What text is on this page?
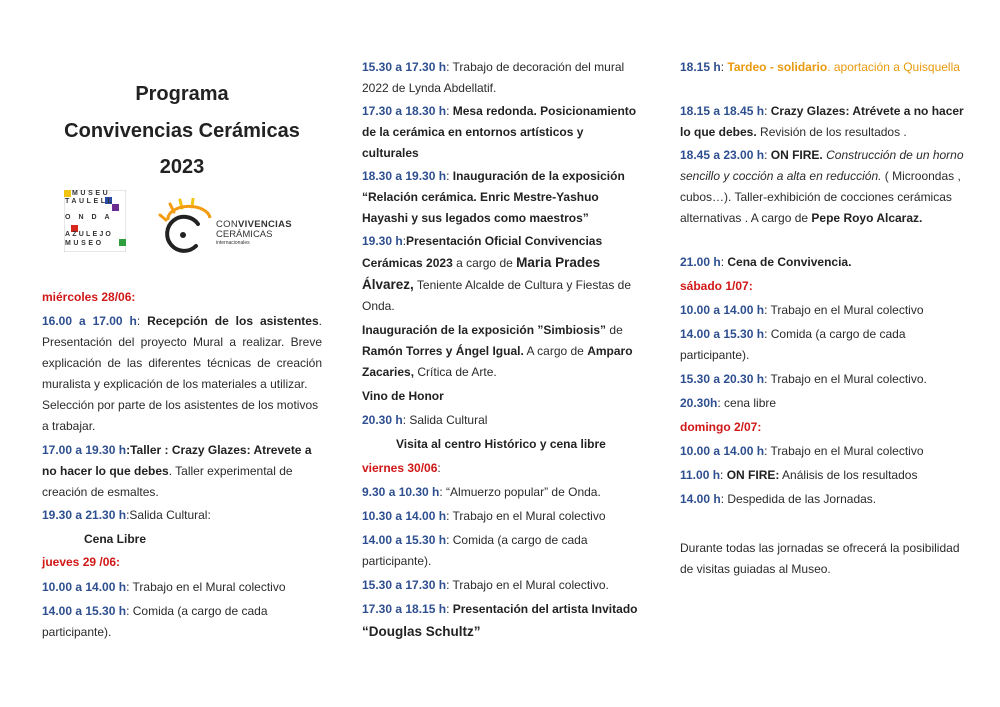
Programa
Convivencias Cerámicas
2023
MUSEU
TAULELL
ONDA
AZULEJO
MUSEO
CONVIVENCIAS
CERÁMICAS
internacionales

miércoles 28/06:

16.00 a 17.00 h: Recepción de los asistentes. Presentación del proyecto Mural a realizar. Breve explicación de las diferentes técnicas de creación muralista y explicación de los materiales a utilizar.

Selección por parte de los asistentes de los motivos a trabajar.

17.00 a 19.30 h:Taller : Crazy Glazes: Atrevete a no hacer lo que debes. Taller experimental de creación de esmaltes.

19.30 a 21.30 h:Salida Cultural:

Cena Libre

jueves 29 /06:

10.00 a 14.00 h: Trabajo en el Mural colectivo

14.00 a 15.30 h: Comida (a cargo de cada participante).

15.30 a 17.30 h: Trabajo de decoración del mural 2022 de Lynda Abdellatif.

17.30 a 18.30 h: Mesa redonda. Posicionamiento de la cerámica en entornos artísticos y culturales

18.30 a 19.30 h: Inauguración de la exposición “Relación cerámica. Enric Mestre-Yashuo Hayashi y sus legados como maestros”

19.30 h:Presentación Oficial Convivencias Cerámicas 2023 a cargo de Maria Prades Álvarez, Teniente Alcalde de Cultura y Fiestas de Onda.

Inauguración de la exposición ”Simbiosis” de Ramón Torres y Ángel Igual. A cargo de Amparo Zacaries, Crítica de Arte.

Vino de Honor

20.30 h: Salida Cultural

Visita al centro Histórico y cena libre

viernes 30/06:

9.30 a 10.30 h: “Almuerzo popular” de Onda.

10.30 a 14.00 h: Trabajo en el Mural colectivo

14.00 a 15.30 h: Comida (a cargo de cada participante).

15.30 a 17.30 h: Trabajo en el Mural colectivo.

17.30 a 18.15 h: Presentación del artista Invitado

“Douglas Schultz”

18.15 h: Tardeo - solidario. aportación a Quisquella

18.15 a 18.45 h: Crazy Glazes: Atrévete a no hacer lo que debes. Revisión de los resultados .

18.45 a 23.00 h: ON FIRE. Construcción de un horno sencillo y cocción a alta en reducción. ( Microondas , cubos…). Taller-exhibición de cocciones cerámicas alternativas . A cargo de Pepe Royo Alcaraz.

21.00 h: Cena de Convivencia.

sábado 1/07:

10.00 a 14.00 h: Trabajo en el Mural colectivo

14.00 a 15.30 h: Comida (a cargo de cada participante).

15.30 a 20.30 h: Trabajo en el Mural colectivo.

20.30h: cena libre

domingo 2/07:

10.00 a 14.00 h: Trabajo en el Mural colectivo

11.00 h: ON FIRE: Análisis de los resultados

14.00 h: Despedida de las Jornadas.

Durante todas las jornadas se ofrecerá la posibilidad de visitas guiadas al Museo.
